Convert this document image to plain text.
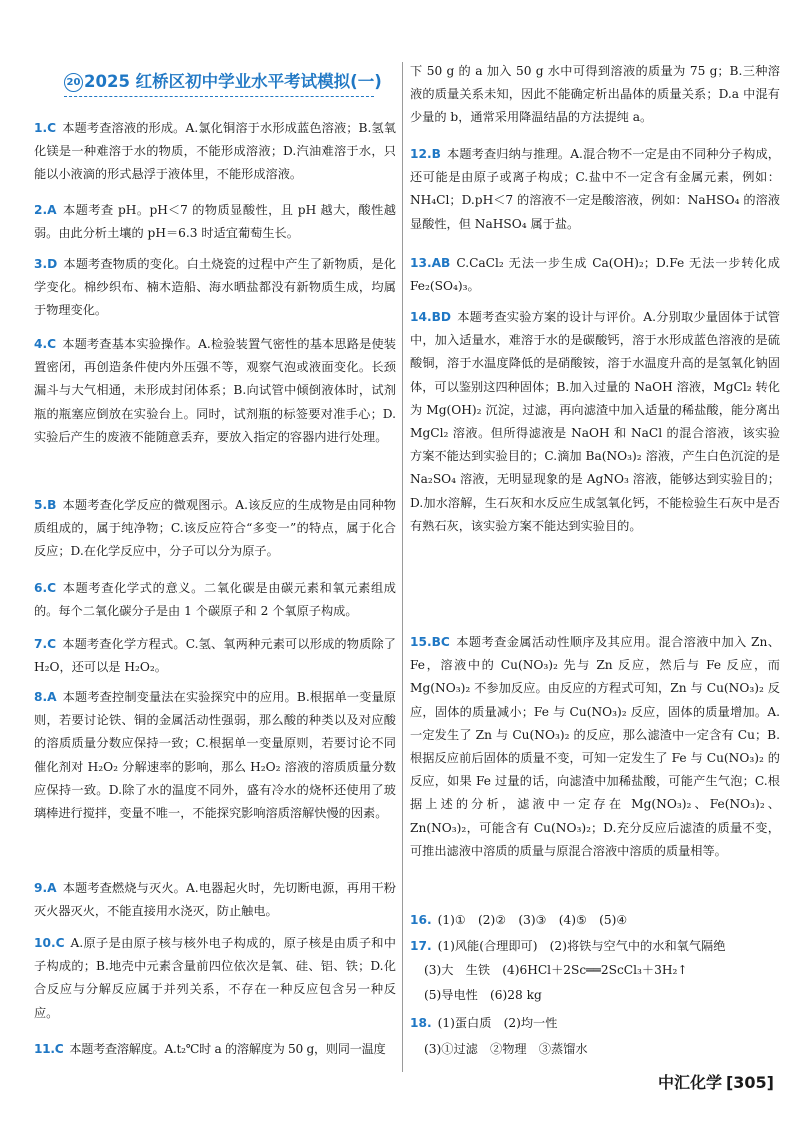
20 2025 红桥区初中学业水平考试模拟(一)
1.C 本题考查溶液的形成。A.氯化铜溶于水形成蓝色溶液；B.氢氧化镁是一种难溶于水的物质，不能形成溶液；D.汽油难溶于水，只能以小液滴的形式悬浮于液体里，不能形成溶液。
2.A 本题考查 pH。pH＜7 的物质显酸性，且 pH 越大，酸性越弱。由此分析土壤的 pH＝6.3 时适宜葡萄生长。
3.D 本题考查物质的变化。白土烧瓷的过程中产生了新物质，是化学变化。棉纱织布、楠木造船、海水晒盐都没有新物质生成，均属于物理变化。
4.C 本题考查基本实验操作。A.检验装置气密性的基本思路是使装置密闭，再创造条件使内外压强不等，观察气泡或液面变化。长颈漏斗与大气相通，未形成封闭体系；B.向试管中倾倒液体时，试剂瓶的瓶塞应倒放在实验台上。同时，试剂瓶的标签要对准手心；D.实验后产生的废液不能随意丢弃，要放入指定的容器内进行处理。
5.B 本题考查化学反应的微观图示。A.该反应的生成物是由同种物质组成的，属于纯净物；C.该反应符合“多变一”的特点，属于化合反应；D.在化学反应中，分子可以分为原子。
6.C 本题考查化学式的意义。二氧化碳是由碳元素和氧元素组成的。每个二氧化碳分子是由 1 个碳原子和 2 个氧原子构成。
7.C 本题考查化学方程式。C.氢、氧两种元素可以形成的物质除了 H₂O，还可以是 H₂O₂。
8.A 本题考查控制变量法在实验探究中的应用。B.根据单一变量原则，若要讨论铁、铜的金属活动性强弱，那么酸的种类以及对应酸的溶质质量分数应保持一致；C.根据单一变量原则，若要讨论不同催化剂对 H₂O₂ 分解速率的影响，那么 H₂O₂ 溶液的溶质质量分数应保持一致。D.除了水的温度不同外，盛有冷水的烧杯还使用了玻璃棒进行搅拌，变量不唯一，不能探究影响溶质溶解快慢的因素。
9.A 本题考查燃烧与灭火。A.电器起火时，先切断电源，再用干粉灭火器灭火，不能直接用水浇灭，防止触电。
10.C A.原子是由原子核与核外电子构成的，原子核是由质子和中子构成的；B.地壳中元素含量前四位依次是氧、硅、铝、铁；D.化合反应与分解反应属于并列关系，不存在一种反应包含另一种反应。
11.C 本题考查溶解度。A.t₂℃时 a 的溶解度为 50 g，则同一温度
下 50 g 的 a 加入 50 g 水中可得到溶液的质量为 75 g；B.三种溶液的质量关系未知，因此不能确定析出晶体的质量关系；D.a 中混有少量的 b，通常采用降温结晶的方法提纯 a。
12.B 本题考查归纳与推理。A.混合物不一定是由不同种分子构成，还可能是由原子或离子构成；C.盐中不一定含有金属元素，例如：NH₄Cl；D.pH＜7 的溶液不一定是酸溶液，例如：NaHSO₄ 的溶液显酸性，但 NaHSO₄ 属于盐。
13.AB C.CaCl₂ 无法一步生成 Ca(OH)₂；D.Fe 无法一步转化成 Fe₂(SO₄)₃。
14.BD 本题考查实验方案的设计与评价。A.分别取少量固体于试管中，加入适量水，难溶于水的是碳酸钙，溶于水形成蓝色溶液的是硫酸铜，溶于水温度降低的是硝酸铵，溶于水温度升高的是氢氧化钠固体，可以鉴别这四种固体；B.加入过量的 NaOH 溶液，MgCl₂ 转化为 Mg(OH)₂ 沉淀，过滤，再向滤渣中加入适量的稀盐酸，能分离出 MgCl₂ 溶液。但所得滤液是 NaOH 和 NaCl 的混合溶液，该实验方案不能达到实验目的；C.滴加 Ba(NO₃)₂ 溶液，产生白色沉淀的是 Na₂SO₄ 溶液，无明显现象的是 AgNO₃ 溶液，能够达到实验目的；D.加水溶解，生石灰和水反应生成氢氧化钙，不能检验生石灰中是否有熟石灰，该实验方案不能达到实验目的。
15.BC 本题考查金属活动性顺序及其应用。混合溶液中加入 Zn、Fe，溶液中的 Cu(NO₃)₂ 先与 Zn 反应，然后与 Fe 反应，而 Mg(NO₃)₂ 不参加反应。由反应的方程式可知，Zn 与 Cu(NO₃)₂ 反应，固体的质量减小；Fe 与 Cu(NO₃)₂ 反应，固体的质量增加。A.一定发生了 Zn 与 Cu(NO₃)₂ 的反应，那么滤渣中一定含有 Cu；B.根据反应前后固体的质量不变，可知一定发生了 Fe 与 Cu(NO₃)₂ 的反应，如果 Fe 过量的话，向滤渣中加稀盐酸，可能产生气泡；C.根据上述的分析，滤液中一定存在 Mg(NO₃)₂、Fe(NO₃)₂、Zn(NO₃)₂，可能含有 Cu(NO₃)₂；D.充分反应后滤渣的质量不变，可推出滤液中溶质的质量与原混合溶液中溶质的质量相等。
16. (1)①　(2)②　(3)③　(4)⑤　(5)④
17. (1)风能(合理即可)　(2)将铁与空气中的水和氧气隔绝
(3)大　生铁　(4)6HCl＋2Sc══2ScCl₃＋3H₂↑
(5)导电性　(6)28 kg
18. (1)蛋白质　(2)均一性
(3)①过滤　②物理　③蒸馏水
中汇化学 [305]
